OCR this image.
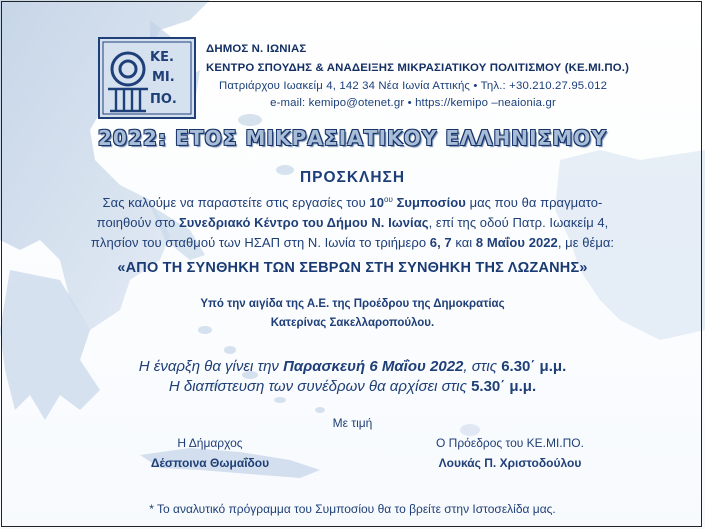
ΚΕ.
ΜΙ.
ΠΟ.
ΔΗΜΟΣ Ν. ΙΩΝΙΑΣ
ΚΕΝΤΡΟ ΣΠΟΥΔΗΣ & ΑΝΑΔΕΙΞΗΣ ΜΙΚΡΑΣΙΑΤΙΚΟΥ ΠΟΛΙΤΙΣΜΟΥ (ΚΕ.ΜΙ.ΠΟ.)
Πατριάρχου Ιωακείμ 4, 142 34 Νέα Ιωνία Αττικής • Τηλ.: +30.210.27.95.012
e-mail: kemipo@otenet.gr • https://kemipo –neaionia.gr
2022: ΕΤΟΣ ΜΙΚΡΑΣΙΑΤΙΚΟΥ ΕΛΛΗΝΙΣΜΟΥ
ΠΡΟΣΚΛΗΣΗ
Σας καλούμε να παραστείτε στις εργασίες του $10^{o\upsilon}$ Συμποσίου μας που θα πραγματο-
ποιηθούν στο Συνεδριακό Κέντρο του Δήμου Ν. Ιωνίας, επί της οδού Πατρ. Ιωακείμ 4,
πλησίον του σταθμού των ΗΣΑΠ στη Ν. Ιωνία το τριήμερο 6, 7 και 8 Μαΐου 2022, με θέμα:
«ΑΠΟ ΤΗ ΣΥΝΘΗΚΗ ΤΩΝ ΣΕΒΡΩΝ ΣΤΗ ΣΥΝΘΗΚΗ ΤΗΣ ΛΩΖΑΝΗΣ»
Υπό την αιγίδα της Α.Ε. της Προέδρου της Δημοκρατίας
Κατερίνας Σακελλαροπούλου.
Η έναρξη θα γίνει την Παρασκευή 6 Μαΐου 2022, στις 6.30΄ μ.μ.
Η διαπίστευση των συνέδρων θα αρχίσει στις 5.30΄ μ.μ.
Με τιμή
Η Δήμαρχος
Δέσποινα Θωμαΐδου
Ο Πρόεδρος του ΚΕ.ΜΙ.ΠΟ.
Λουκάς Π. Χριστοδούλου
* Το αναλυτικό πρόγραμμα του Συμποσίου θα το βρείτε στην Ιστοσελίδα μας.
